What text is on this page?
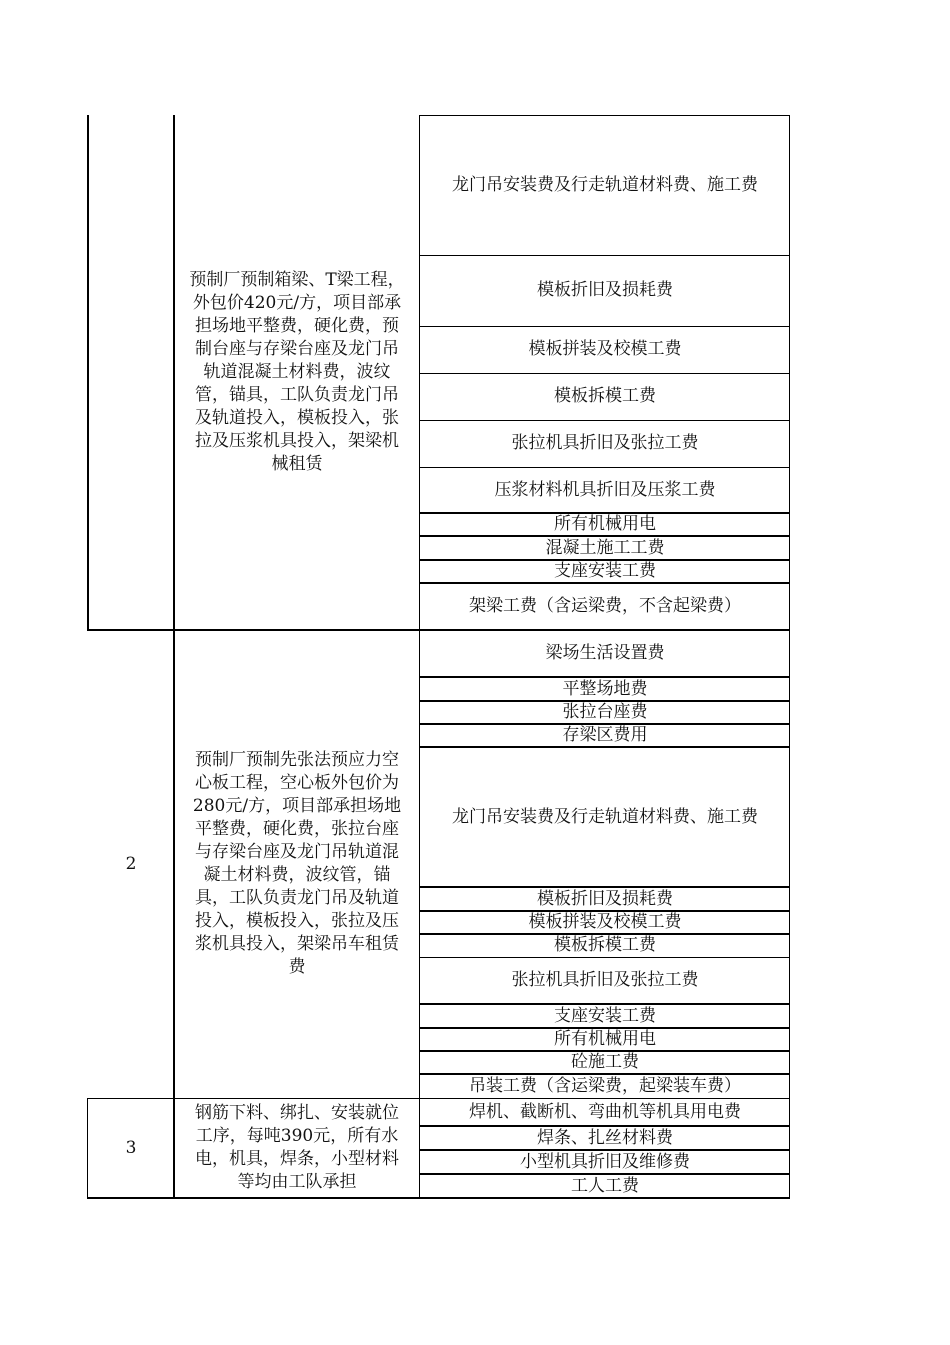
预制厂预制箱梁、T梁工程，
外包价420元/方，项目部承
担场地平整费，硬化费，预
制台座与存梁台座及龙门吊
轨道混凝土材料费，波纹
管，锚具，工队负责龙门吊
及轨道投入，模板投入，张
拉及压浆机具投入，架梁机
械租赁
龙门吊安装费及行走轨道材料费、施工费
模板折旧及损耗费
模板拼装及校模工费
模板拆模工费
张拉机具折旧及张拉工费
压浆材料机具折旧及压浆工费
所有机械用电
混凝土施工工费
支座安装工费
架梁工费（含运梁费，不含起梁费）
2
预制厂预制先张法预应力空
心板工程，空心板外包价为
280元/方，项目部承担场地
平整费，硬化费，张拉台座
与存梁台座及龙门吊轨道混
凝土材料费，波纹管，锚
具，工队负责龙门吊及轨道
投入，模板投入，张拉及压
浆机具投入，架梁吊车租赁
费
梁场生活设置费
平整场地费
张拉台座费
存梁区费用
龙门吊安装费及行走轨道材料费、施工费
模板折旧及损耗费
模板拼装及校模工费
模板拆模工费
张拉机具折旧及张拉工费
支座安装工费
所有机械用电
砼施工费
吊装工费（含运梁费，起梁装车费）
3
钢筋下料、绑扎、安装就位
工序，每吨390元，所有水
电，机具，焊条，小型材料
等均由工队承担
焊机、截断机、弯曲机等机具用电费
焊条、扎丝材料费
小型机具折旧及维修费
工人工费
